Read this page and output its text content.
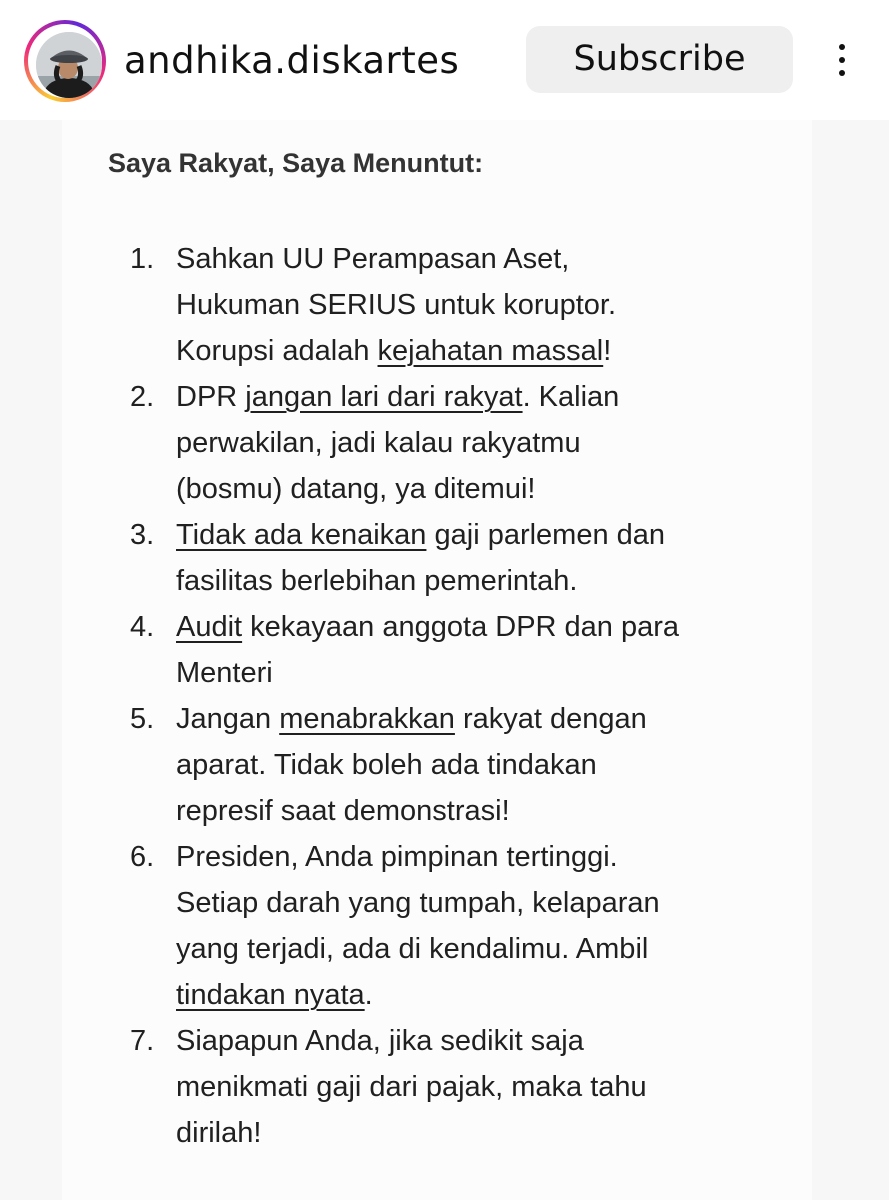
andhika.diskartes	Subscribe
Saya Rakyat, Saya Menuntut:
1. Sahkan UU Perampasan Aset,
Hukuman SERIUS untuk koruptor.
Korupsi adalah kejahatan massal!
2. DPR jangan lari dari rakyat. Kalian
perwakilan, jadi kalau rakyatmu
(bosmu) datang, ya ditemui!
3. Tidak ada kenaikan gaji parlemen dan
fasilitas berlebihan pemerintah.
4. Audit kekayaan anggota DPR dan para
Menteri
5. Jangan menabrakkan rakyat dengan
aparat. Tidak boleh ada tindakan
represif saat demonstrasi!
6. Presiden, Anda pimpinan tertinggi.
Setiap darah yang tumpah, kelaparan
yang terjadi, ada di kendalimu. Ambil
tindakan nyata.
7. Siapapun Anda, jika sedikit saja
menikmati gaji dari pajak, maka tahu
dirilah!
